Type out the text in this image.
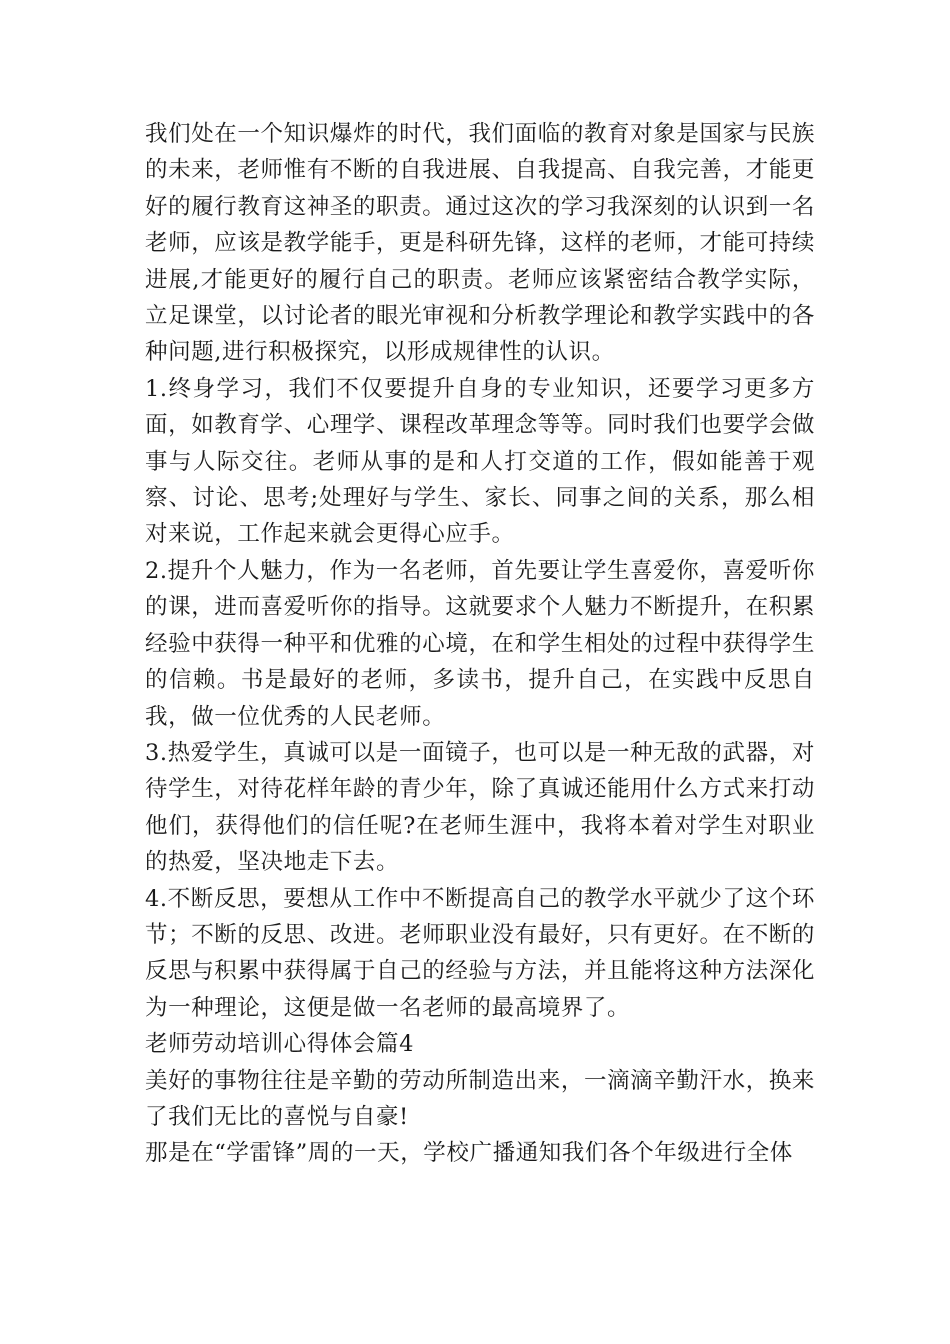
我们处在一个知识爆炸的时代，我们面临的教育对象是国家与民族的未来，老师惟有不断的自我进展、自我提高、自我完善，才能更好的履行教育这神圣的职责。通过这次的学习我深刻的认识到一名老师，应该是教学能手，更是科研先锋，这样的老师，才能可持续进展,才能更好的履行自己的职责。老师应该紧密结合教学实际，立足课堂，以讨论者的眼光审视和分析教学理论和教学实践中的各种问题,进行积极探究，以形成规律性的认识。

1.终身学习，我们不仅要提升自身的专业知识，还要学习更多方面，如教育学、心理学、课程改革理念等等。同时我们也要学会做事与人际交往。老师从事的是和人打交道的工作，假如能善于观察、讨论、思考;处理好与学生、家长、同事之间的关系，那么相对来说，工作起来就会更得心应手。

2.提升个人魅力，作为一名老师，首先要让学生喜爱你，喜爱听你的课，进而喜爱听你的指导。这就要求个人魅力不断提升，在积累经验中获得一种平和优雅的心境，在和学生相处的过程中获得学生的信赖。书是最好的老师，多读书，提升自己，在实践中反思自我，做一位优秀的人民老师。

3.热爱学生，真诚可以是一面镜子，也可以是一种无敌的武器，对待学生，对待花样年龄的青少年，除了真诚还能用什么方式来打动他们，获得他们的信任呢?在老师生涯中，我将本着对学生对职业的热爱，坚决地走下去。

4.不断反思，要想从工作中不断提高自己的教学水平就少了这个环节；不断的反思、改进。老师职业没有最好，只有更好。在不断的反思与积累中获得属于自己的经验与方法，并且能将这种方法深化为一种理论，这便是做一名老师的最高境界了。

老师劳动培训心得体会篇4

美好的事物往往是辛勤的劳动所制造出来，一滴滴辛勤汗水，换来了我们无比的喜悦与自豪!

那是在“学雷锋”周的一天，学校广播通知我们各个年级进行全体
